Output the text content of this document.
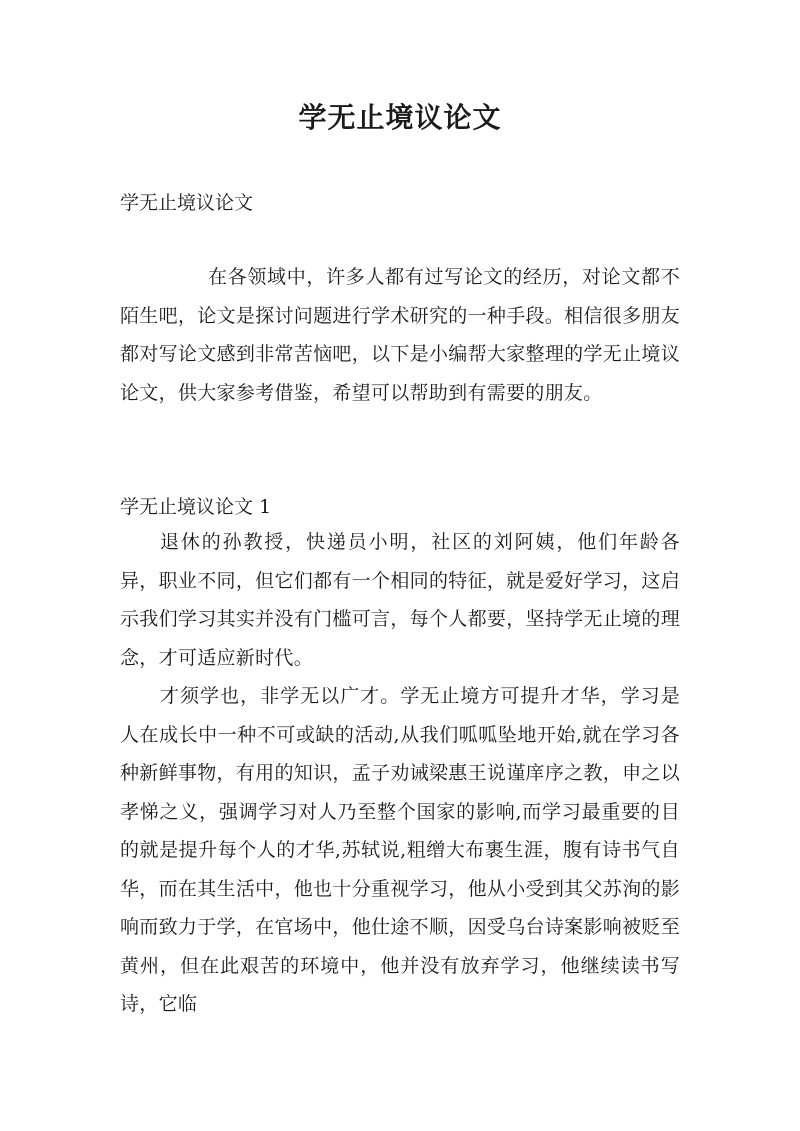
学无止境议论文
学无止境议论文

在各领域中，许多人都有过写论文的经历，对论文都不陌生吧，论文是探讨问题进行学术研究的一种手段。相信很多朋友都对写论文感到非常苦恼吧，以下是小编帮大家整理的学无止境议论文，供大家参考借鉴，希望可以帮助到有需要的朋友。

学无止境议论文 1

退休的孙教授，快递员小明，社区的刘阿姨，他们年龄各异，职业不同，但它们都有一个相同的特征，就是爱好学习，这启示我们学习其实并没有门槛可言，每个人都要，坚持学无止境的理念，才可适应新时代。

才须学也，非学无以广才。学无止境方可提升才华，学习是人在成长中一种不可或缺的活动,从我们呱呱坠地开始,就在学习各种新鲜事物，有用的知识，孟子劝诫梁惠王说谨庠序之教，申之以孝悌之义，强调学习对人乃至整个国家的影响,而学习最重要的目的就是提升每个人的才华,苏轼说,粗缯大布裹生涯，腹有诗书气自华，而在其生活中，他也十分重视学习，他从小受到其父苏洵的影响而致力于学，在官场中，他仕途不顺，因受乌台诗案影响被贬至黄州，但在此艰苦的环境中，他并没有放弃学习，他继续读书写诗，它临
